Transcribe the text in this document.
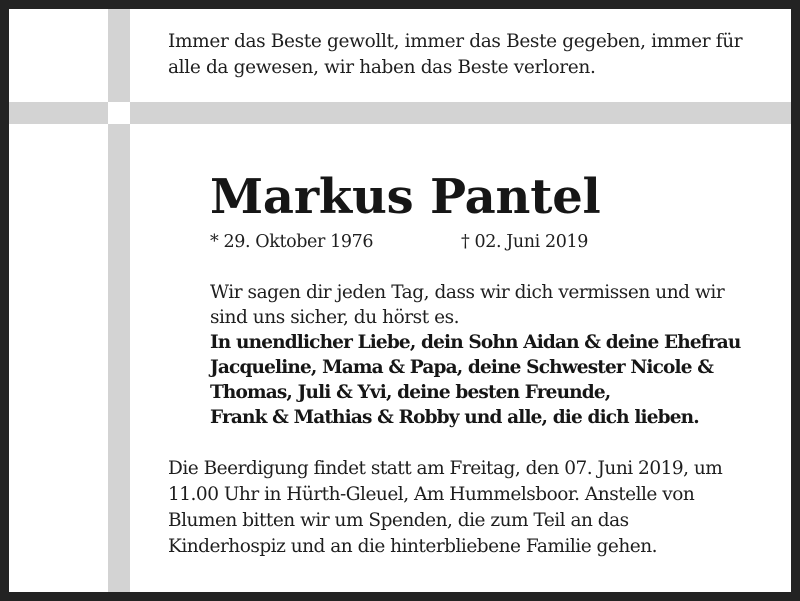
Immer das Beste gewollt, immer das Beste gegeben, immer für
alle da gewesen, wir haben das Beste verloren.
Markus Pantel
* 29. Oktober 1976	† 02. Juni 2019
Wir sagen dir jeden Tag, dass wir dich vermissen und wir
sind uns sicher, du hörst es.
In unendlicher Liebe, dein Sohn Aidan & deine Ehefrau
Jacqueline, Mama & Papa, deine Schwester Nicole &
Thomas, Juli & Yvi, deine besten Freunde,
Frank & Mathias & Robby und alle, die dich lieben.
Die Beerdigung findet statt am Freitag, den 07. Juni 2019, um
11.00 Uhr in Hürth-Gleuel, Am Hummelsboor. Anstelle von
Blumen bitten wir um Spenden, die zum Teil an das
Kinderhospiz und an die hinterbliebene Familie gehen.
